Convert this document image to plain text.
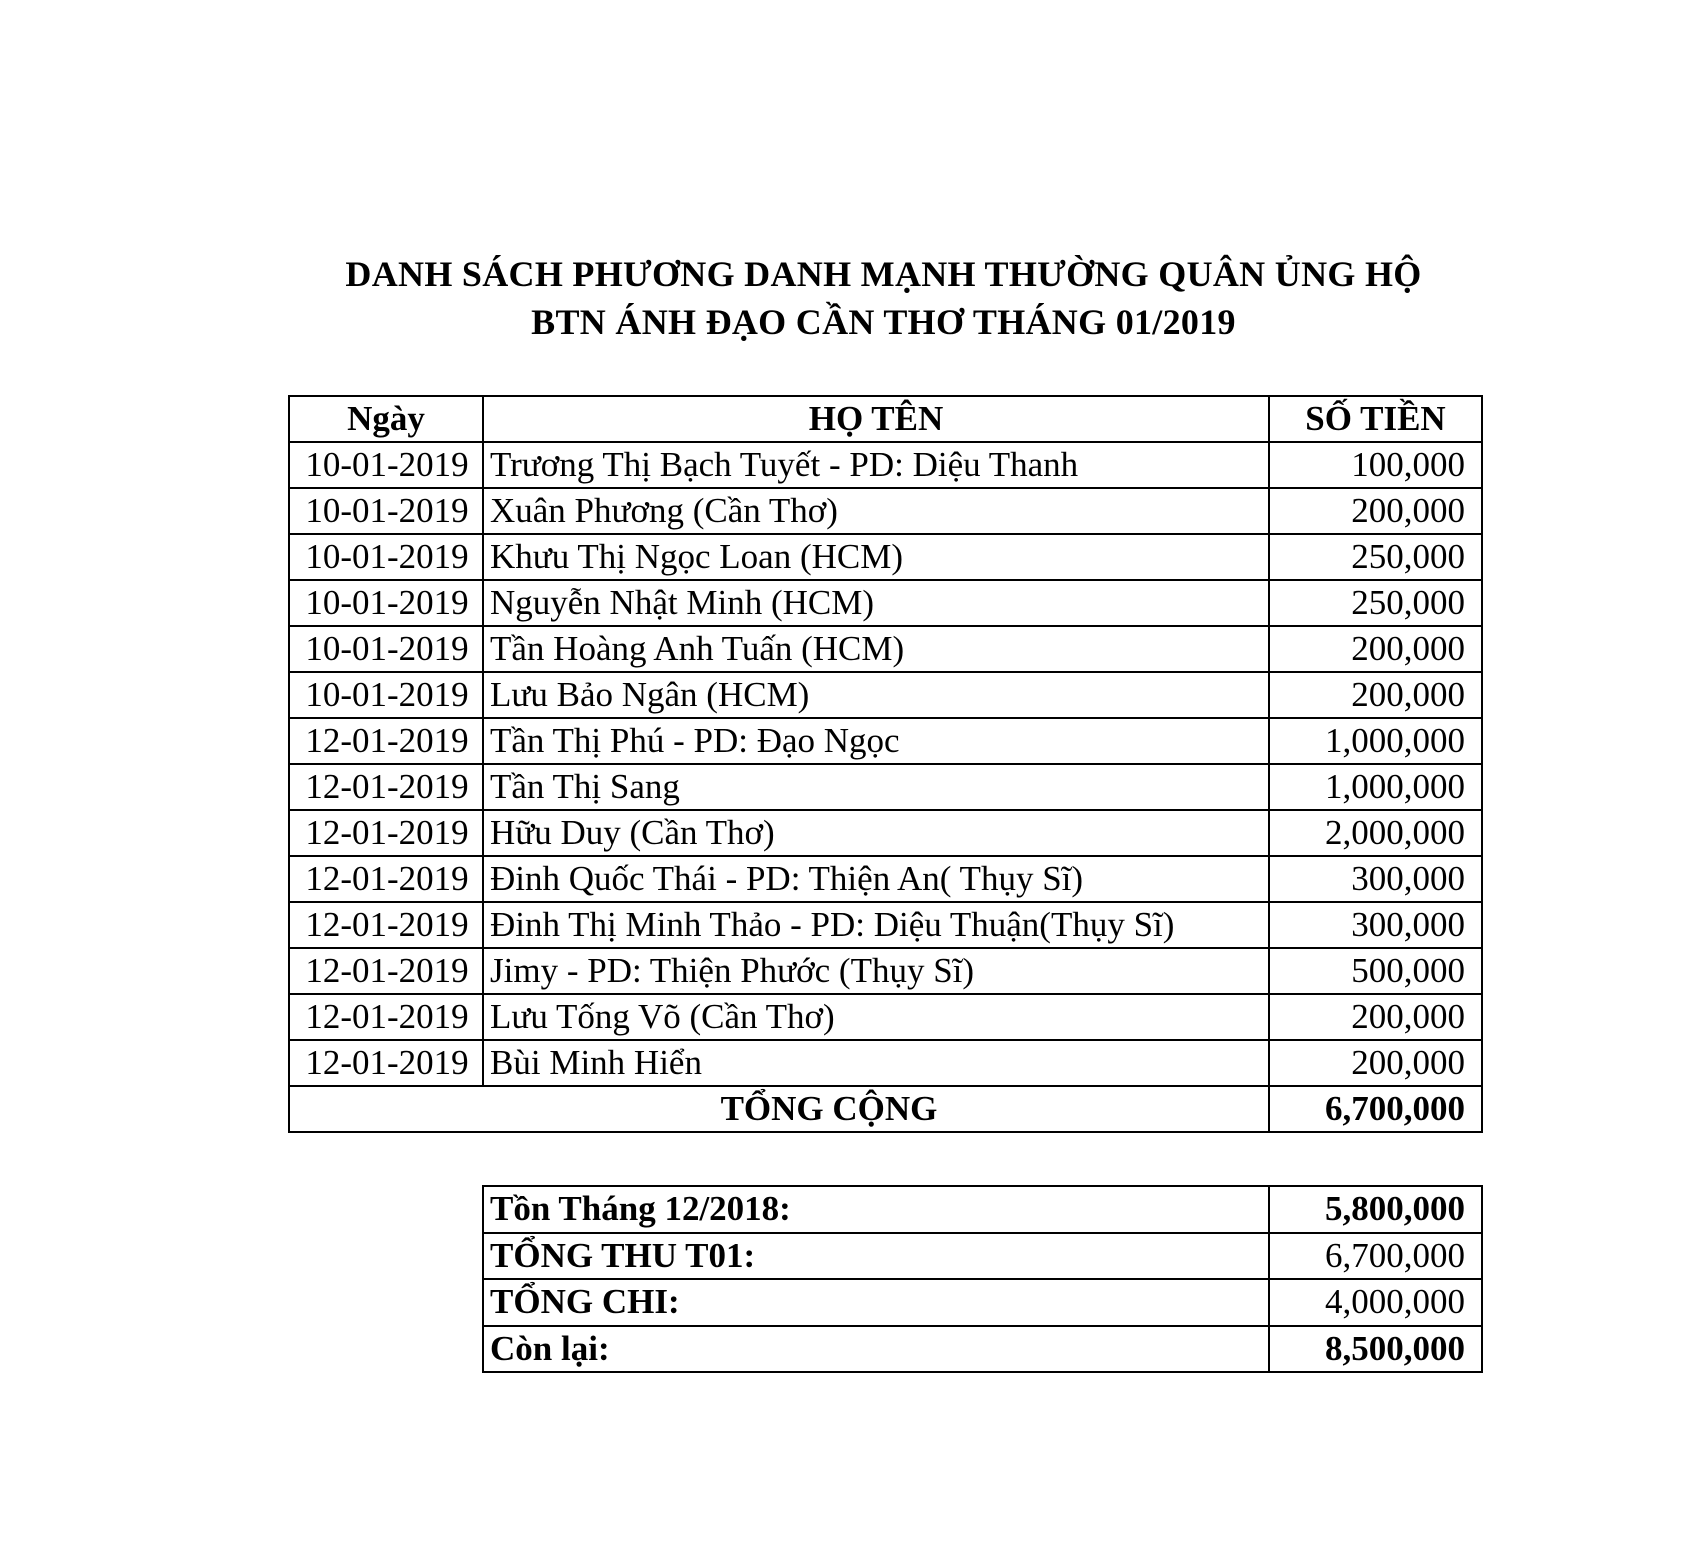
DANH SÁCH PHƯƠNG DANH MẠNH THƯỜNG QUÂN ỦNG HỘ
BTN ÁNH ĐẠO CẦN THƠ THÁNG 01/2019
Ngày	HỌ TÊN	SỐ TIỀN
10-01-2019	Trương Thị Bạch Tuyết - PD: Diệu Thanh	100,000
10-01-2019	Xuân Phương (Cần Thơ)	200,000
10-01-2019	Khưu Thị Ngọc Loan (HCM)	250,000
10-01-2019	Nguyễn Nhật Minh (HCM)	250,000
10-01-2019	Tần Hoàng Anh Tuấn (HCM)	200,000
10-01-2019	Lưu Bảo Ngân (HCM)	200,000
12-01-2019	Tần Thị Phú - PD: Đạo Ngọc	1,000,000
12-01-2019	Tần Thị Sang	1,000,000
12-01-2019	Hữu Duy (Cần Thơ)	2,000,000
12-01-2019	Đinh Quốc Thái - PD: Thiện An( Thụy Sĩ)	300,000
12-01-2019	Đinh Thị Minh Thảo - PD: Diệu Thuận(Thụy Sĩ)	300,000
12-01-2019	Jimy - PD: Thiện Phước (Thụy Sĩ)	500,000
12-01-2019	Lưu Tống Võ (Cần Thơ)	200,000
12-01-2019	Bùi Minh Hiển	200,000
TỔNG CỘNG		6,700,000
Tồn Tháng 12/2018:	5,800,000
TỔNG THU T01:	6,700,000
TỔNG CHI:	4,000,000
Còn lại:	8,500,000
